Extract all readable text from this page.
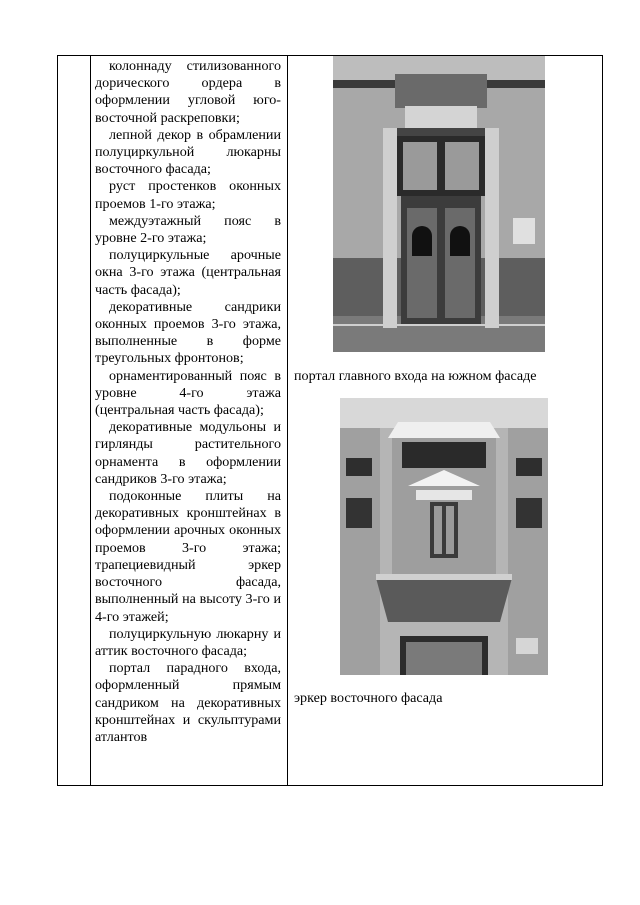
колоннаду стилизованного дорического ордера в оформлении угловой юго-восточной раскреповки;

лепной декор в обрамлении полуциркульной люкарны восточного фасада;

руст простенков оконных проемов 1-го этажа;

междуэтажный пояс в уровне 2-го этажа;

полуциркульные арочные окна 3-го этажа (центральная часть фасада);

декоративные сандрики оконных проемов 3-го этажа, выполненные в форме треугольных фронтонов;

орнаментированный пояс в уровне 4-го этажа (центральная часть фасада);

декоративные модульоны и гирлянды растительного орнамента в оформлении сандриков 3-го этажа;

подоконные плиты на декоративных кронштейнах в оформлении арочных оконных проемов 3-го этажа; трапециевидный эркер восточного фасада, выполненный на высоту 3-го и 4-го этажей;

полуциркульную люкарну и аттик восточного фасада;

портал парадного входа, оформленный прямым сандриком на декоративных кронштейнах и скульптурами атлантов

портал главного входа на южном фасаде
эркер восточного фасада
